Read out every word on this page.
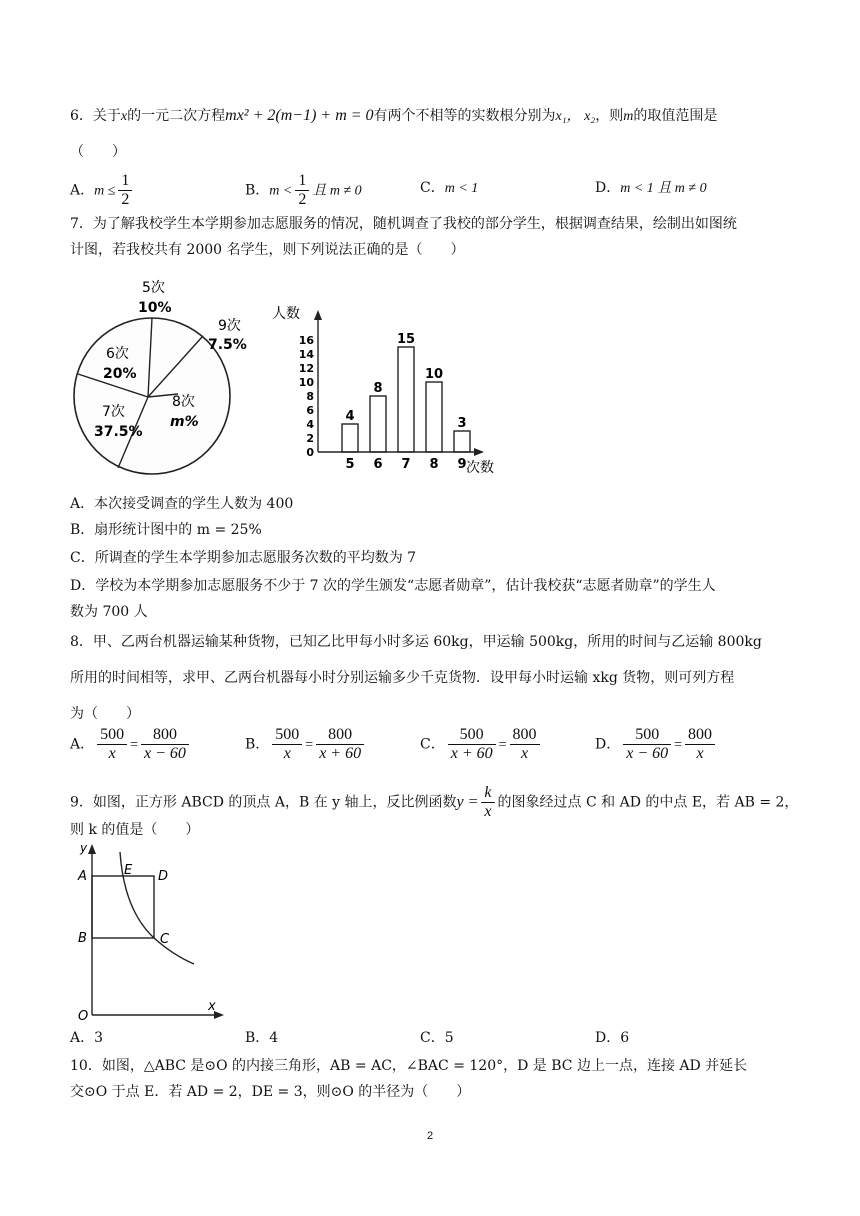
6．关于x的一元二次方程mx² + 2(m−1) + m = 0有两个不相等的实数根分别为x₁， x₂，则m的取值范围是
（　　）
A．$m \le \frac{1}{2}$	B．$m < \frac{1}{2}$ 且 m ≠ 0	C．m < 1	D．m < 1 且 m ≠ 0
7．为了解我校学生本学期参加志愿服务的情况，随机调查了我校的部分学生，根据调查结果，绘制出如图统
计图，若我校共有 2000 名学生，则下列说法正确的是（　　）
5次
10%
9次
7.5%
6次
20%
8次
m%
7次
37.5%
人数
0
2
4
6
8
10
12
14
16
4
8
15
10
3
5 6 7 8 9 次数
A．本次接受调查的学生人数为 400
B．扇形统计图中的 m = 25%
C．所调查的学生本学期参加志愿服务次数的平均数为 7
D．学校为本学期参加志愿服务不少于 7 次的学生颁发“志愿者勋章”，估计我校获“志愿者勋章”的学生人
数为 700 人
8．甲、乙两台机器运输某种货物，已知乙比甲每小时多运 60kg，甲运输 500kg，所用的时间与乙运输 800kg
所用的时间相等，求甲、乙两台机器每小时分别运输多少千克货物．设甲每小时运输 xkg 货物，则可列方程
为（　　）
A． $\frac{500}{x} = \frac{800}{x - 60}$	B． $\frac{500}{x} = \frac{800}{x + 60}$	C． $\frac{500}{x + 60} = \frac{800}{x}$	D． $\frac{500}{x - 60} = \frac{800}{x}$
9．如图，正方形 ABCD 的顶点 A，B 在 y 轴上，反比例函数$y = \frac{k}{x}$ 的图象经过点 C 和 AD 的中点 E，若 AB = 2，
则 k 的值是（　　）
y
A	E D
B	C
O
x
A．3	B．4	C．5	D．6
10．如图，△ABC 是⊙O 的内接三角形，AB = AC，∠BAC = 120°，D 是 BC 边上一点，连接 AD 并延长
交⊙O 于点 E．若 AD = 2，DE = 3，则⊙O 的半径为（　　）
2
